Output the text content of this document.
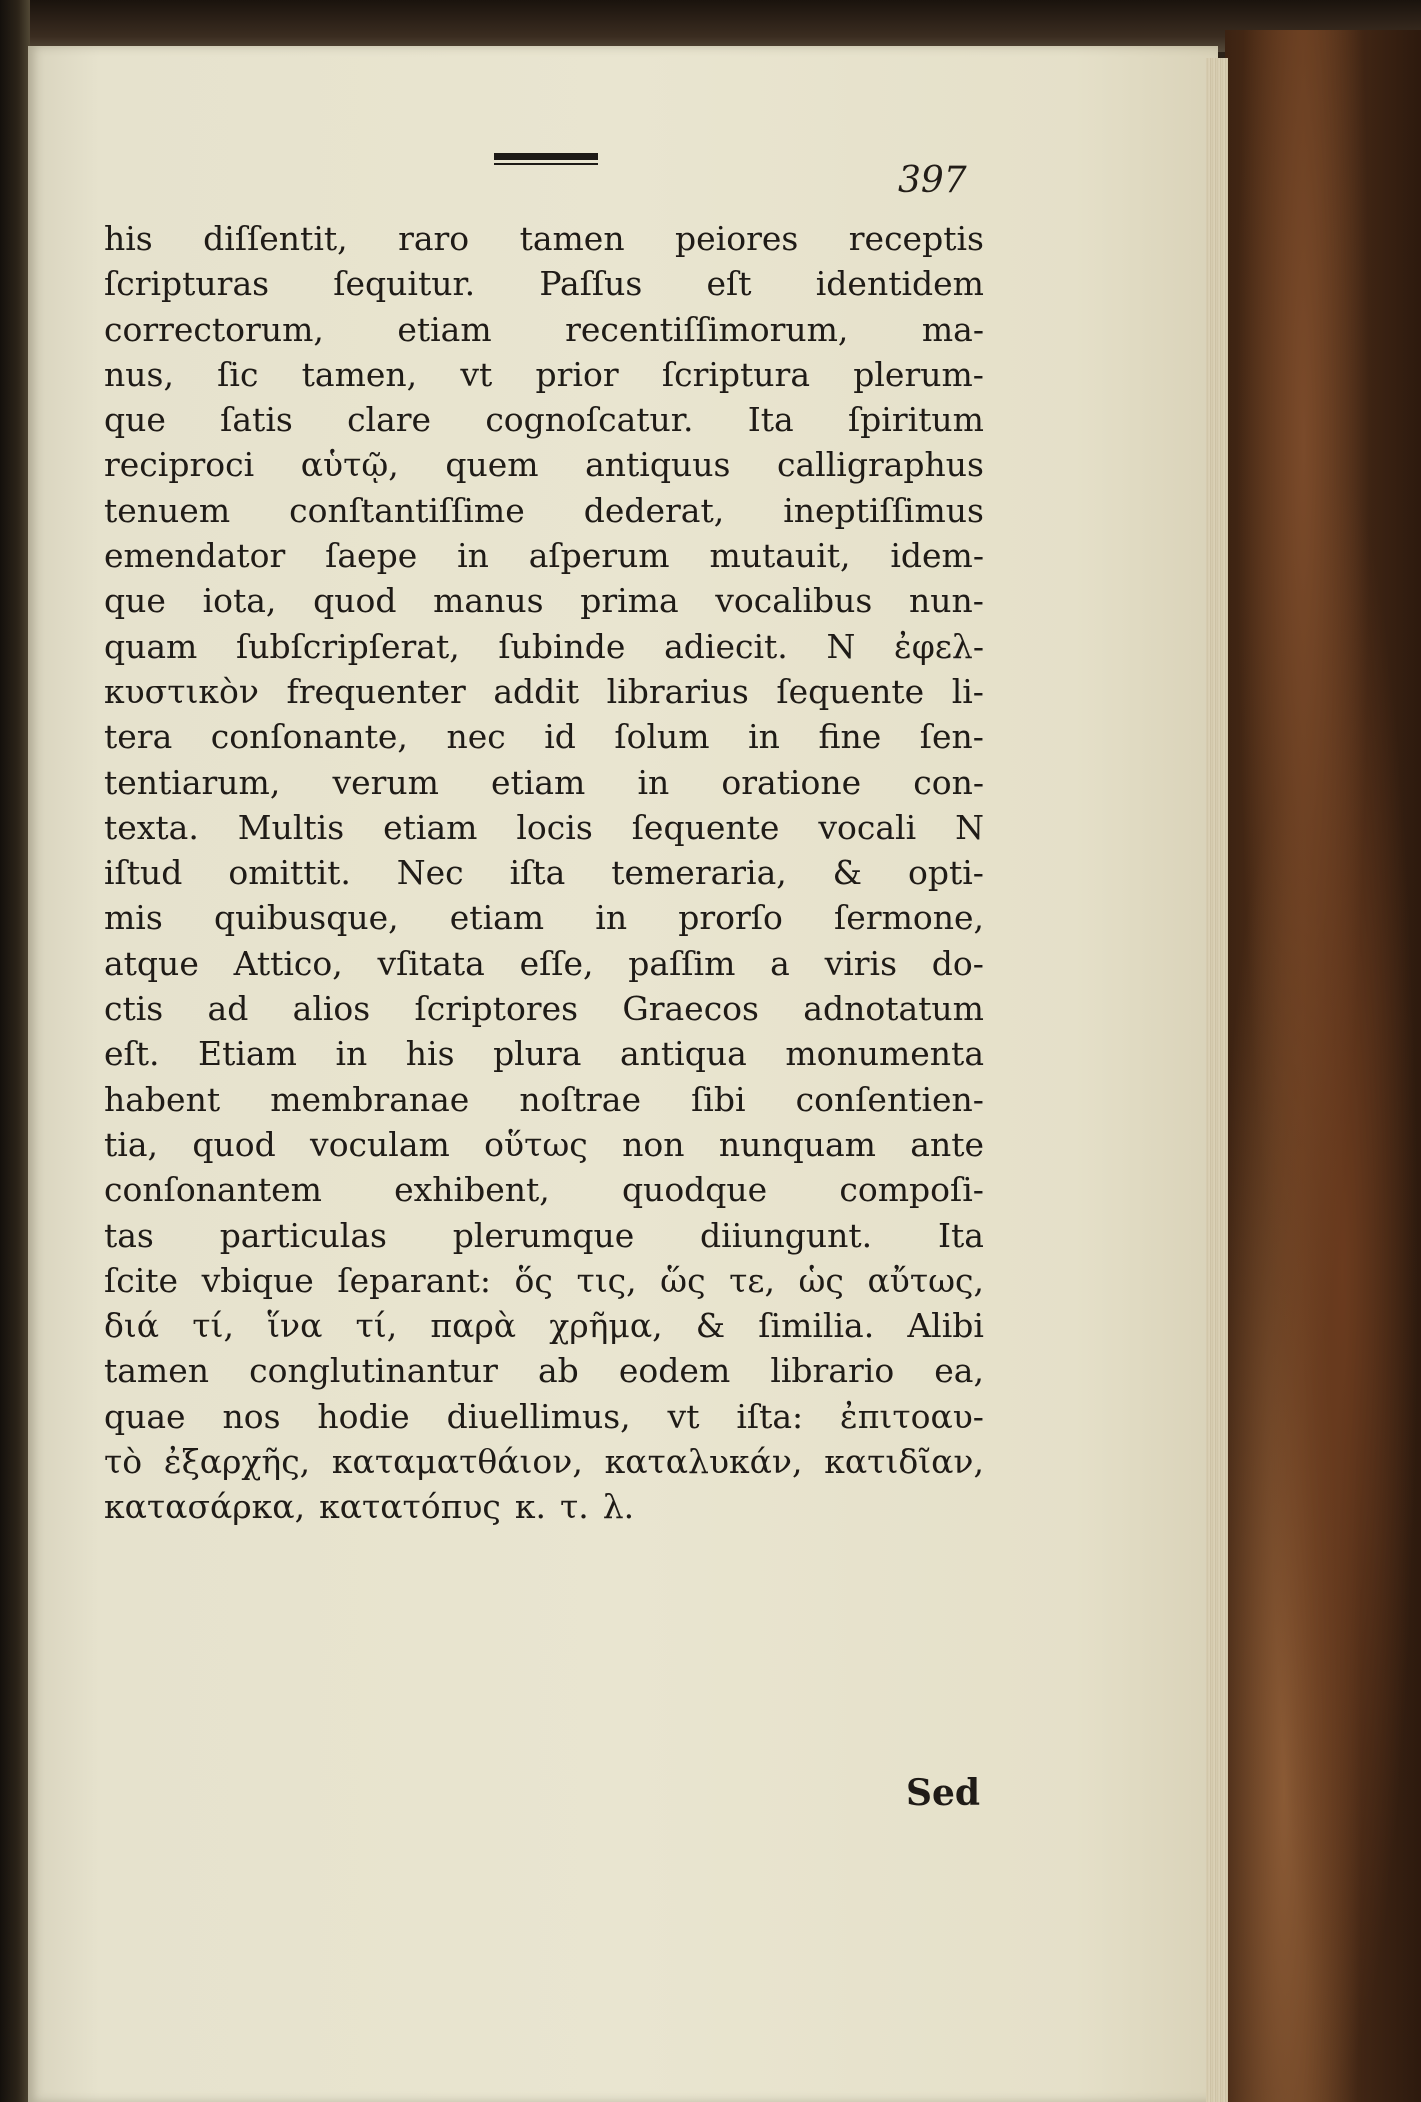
397
his diſſentit, raro tamen peiores receptis
ſcripturas ſequitur. Paſſus eſt identidem
correctorum, etiam recentiſſimorum, ma-
nus, ſic tamen, vt prior ſcriptura plerum-
que ſatis clare cognoſcatur. Ita ſpiritum
reciproci αὑτῷ, quem antiquus calligraphus
tenuem conſtantiſſime dederat, ineptiſſimus
emendator ſaepe in aſperum mutauit, idem-
que iota, quod manus prima vocalibus nun-
quam ſubſcripſerat, ſubinde adiecit. N ἐφελ-
κυστικὸν frequenter addit librarius ſequente li-
tera conſonante, nec id ſolum in fine ſen-
tentiarum, verum etiam in oratione con-
texta. Multis etiam locis ſequente vocali N
iſtud omittit. Nec iſta temeraria, & opti-
mis quibusque, etiam in prorſo ſermone,
atque Attico, vſitata eſſe, paſſim a viris do-
ctis ad alios ſcriptores Graecos adnotatum
eſt. Etiam in his plura antiqua monumenta
habent membranae noſtrae ſibi conſentien-
tia, quod voculam οὕτως non nunquam ante
conſonantem exhibent, quodque compoſi-
tas particulas plerumque diiungunt. Ita
ſcite vbique ſeparant: ὅς τις, ὥς τε, ὡς αὔτως,
διά τί, ἵνα τί, παρὰ χρῆμα, & ſimilia. Alibi
tamen conglutinantur ab eodem librario ea,
quae nos hodie diuellimus, vt iſta: ἐπιτοαυ-
τὸ ἐξαρχῆς, καταματθάιον, καταλυκάν, κατιδῖαν,
κατασάρκα, κατατόπυς κ. τ. λ.
Sed
